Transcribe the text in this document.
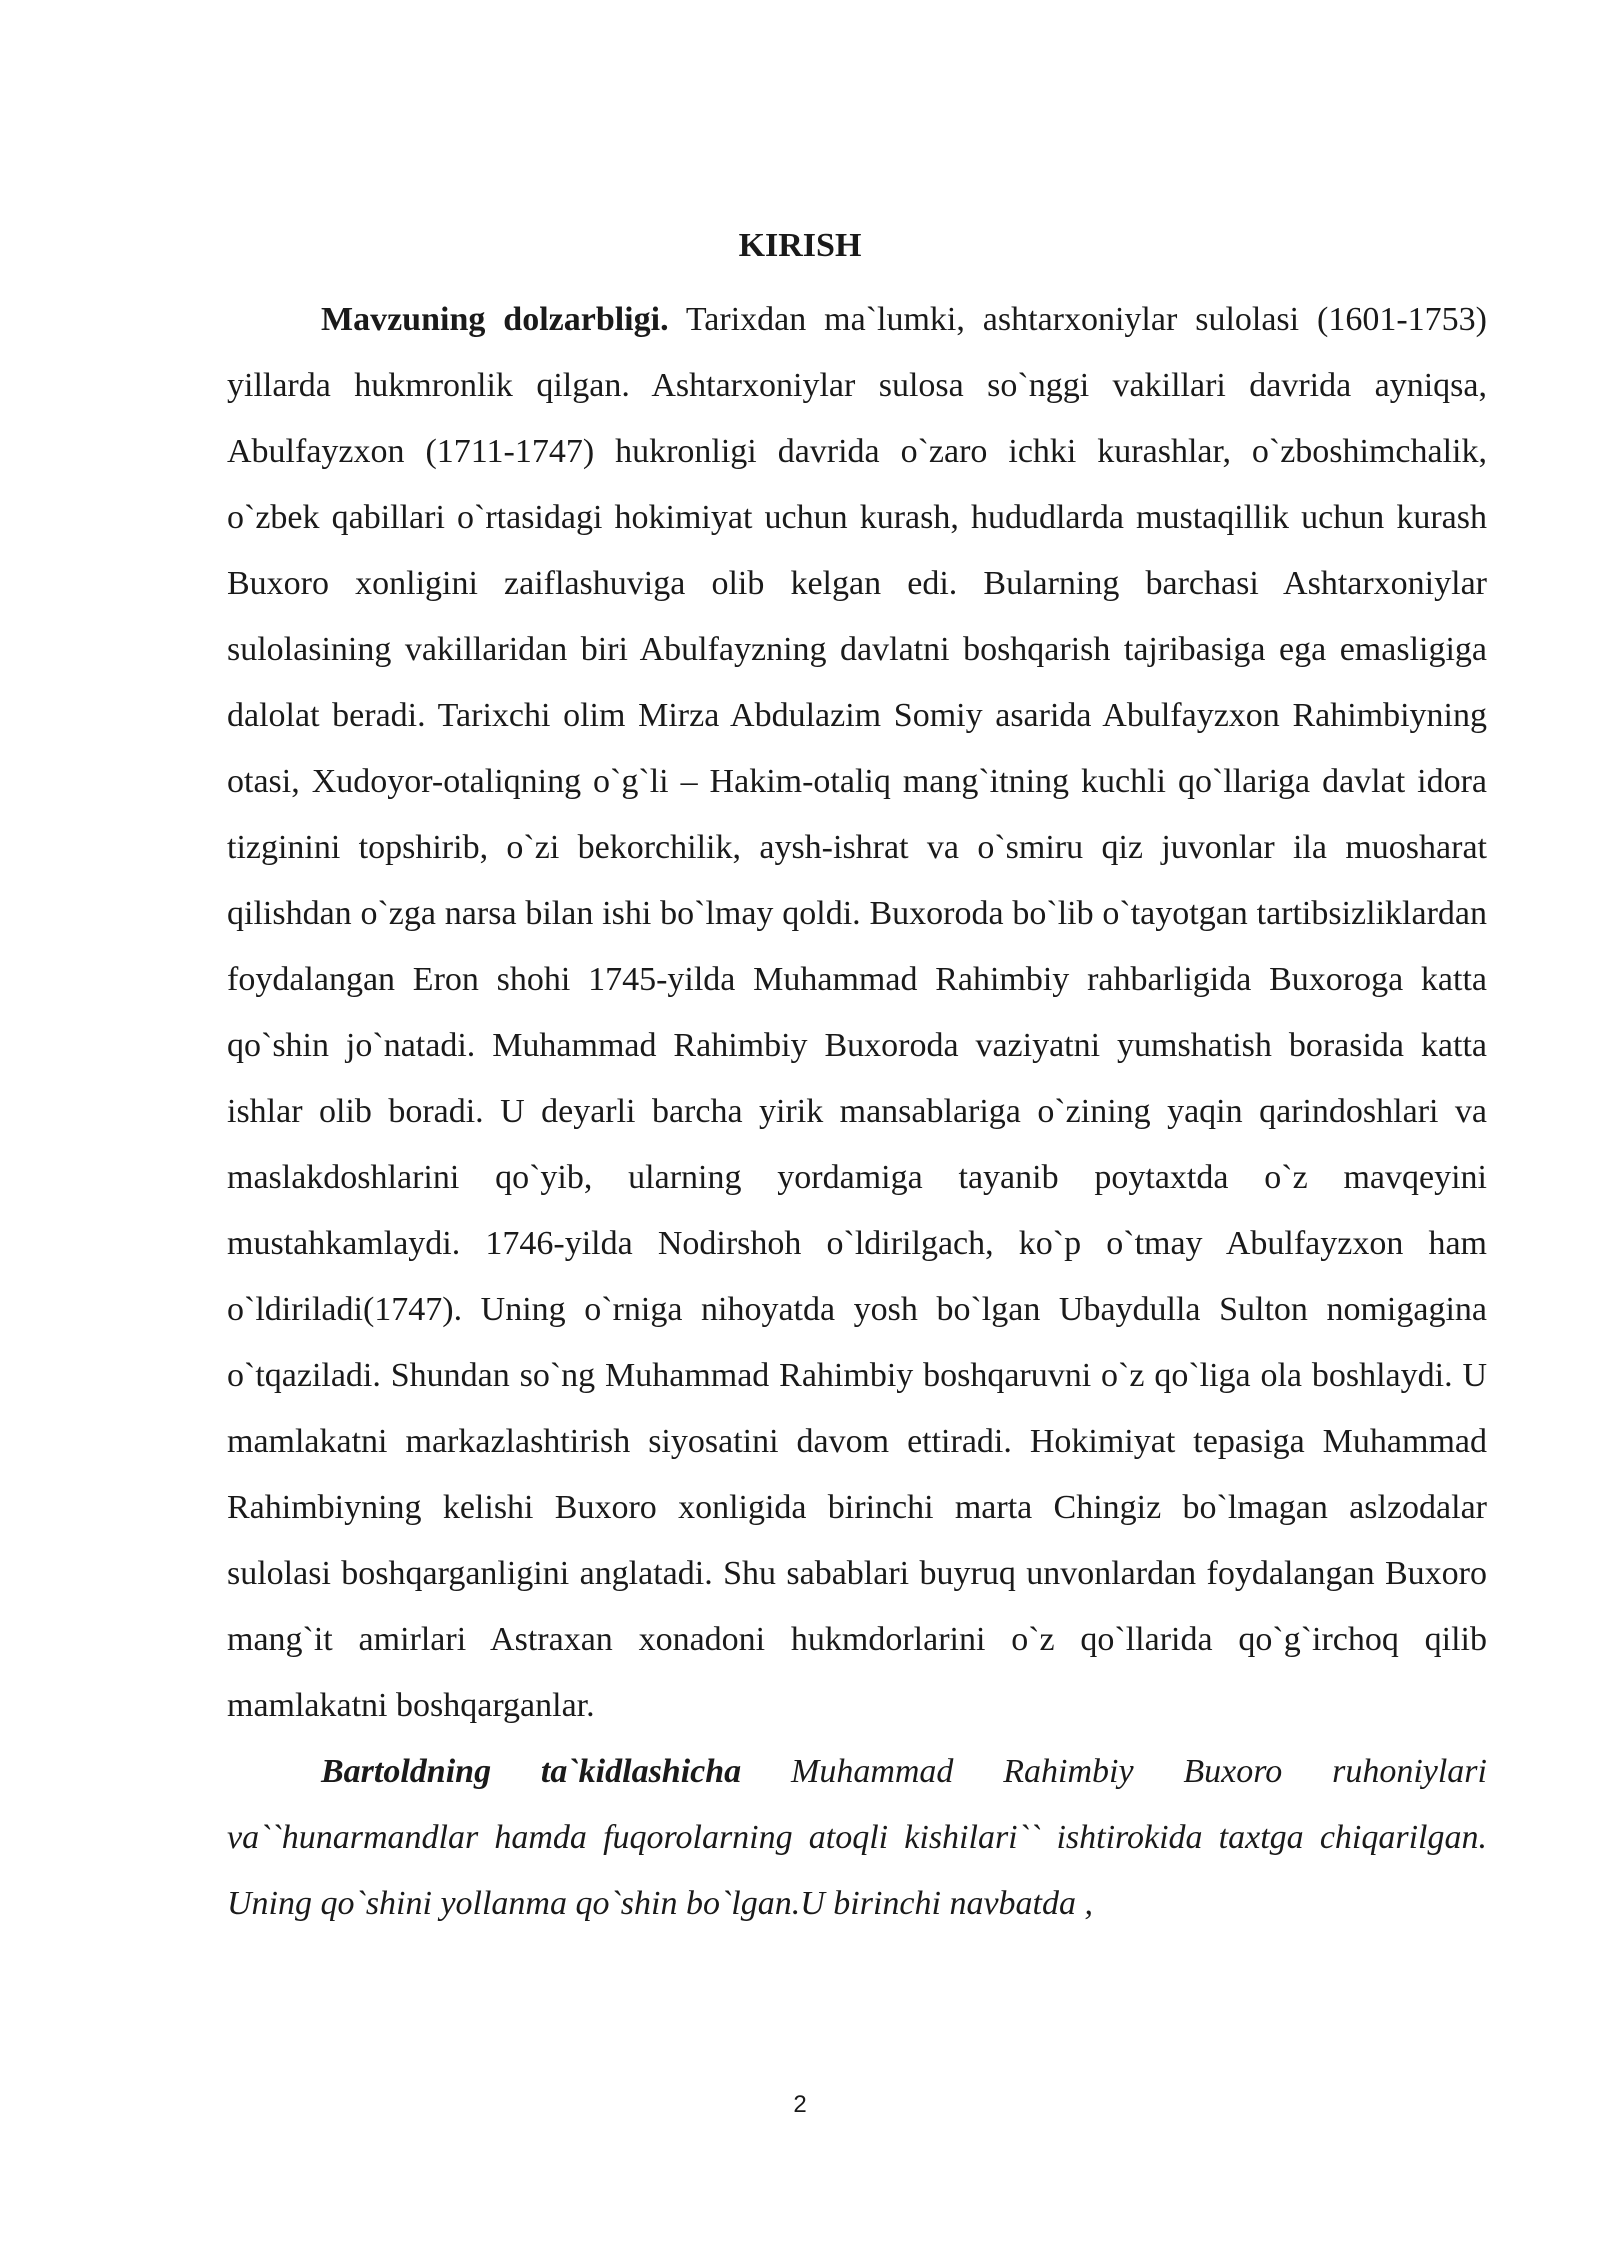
KIRISH

Mavzuning dolzarbligi. Tarixdan ma`lumki, ashtarxoniylar sulolasi (1601-1753) yillarda hukmronlik qilgan. Ashtarxoniylar sulosa so`nggi vakillari davrida ayniqsa, Abulfayzxon (1711-1747) hukronligi davrida o`zaro ichki kurashlar, o`zboshimchalik, o`zbek qabillari o`rtasidagi hokimiyat uchun kurash, hududlarda mustaqillik uchun kurash Buxoro xonligini zaiflashuviga olib kelgan edi. Bularning barchasi Ashtarxoniylar sulolasining vakillaridan biri Abulfayzning davlatni boshqarish tajribasiga ega emasligiga dalolat beradi. Tarixchi olim Mirza Abdulazim Somiy asarida Abulfayzxon Rahimbiyning otasi, Xudoyor-otaliqning o`g`li – Hakim-otaliq mang`itning kuchli qo`llariga davlat idora tizginini topshirib, o`zi bekorchilik, aysh-ishrat va o`smiru qiz juvonlar ila muosharat qilishdan o`zga narsa bilan ishi bo`lmay qoldi. Buxoroda bo`lib o`tayotgan tartibsizliklardan foydalangan Eron shohi 1745-yilda Muhammad Rahimbiy rahbarligida Buxoroga katta qo`shin jo`natadi. Muhammad Rahimbiy Buxoroda vaziyatni yumshatish borasida katta ishlar olib boradi. U deyarli barcha yirik mansablariga o`zining yaqin qarindoshlari va maslakdoshlarini qo`yib, ularning yordamiga tayanib poytaxtda o`z mavqeyini mustahkamlaydi. 1746-yilda Nodirshoh o`ldirilgach, ko`p o`tmay Abulfayzxon ham o`ldiriladi(1747). Uning o`rniga nihoyatda yosh bo`lgan Ubaydulla Sulton nomigagina o`tqaziladi. Shundan so`ng Muhammad Rahimbiy boshqaruvni o`z qo`liga ola boshlaydi. U mamlakatni markazlashtirish siyosatini davom ettiradi. Hokimiyat tepasiga Muhammad Rahimbiyning kelishi Buxoro xonligida birinchi marta Chingiz bo`lmagan aslzodalar sulolasi boshqarganligini anglatadi. Shu sabablari buyruq unvonlardan foydalangan Buxoro mang`it amirlari Astraxan xonadoni hukmdorlarini o`z qo`llarida qo`g`irchoq qilib mamlakatni boshqarganlar.

Bartoldning ta`kidlashicha Muhammad Rahimbiy Buxoro ruhoniylari va``hunarmandlar hamda fuqorolarning atoqli kishilari`` ishtirokida taxtga chiqarilgan. Uning qo`shini yollanma qo`shin bo`lgan.U birinchi navbatda ,

2
